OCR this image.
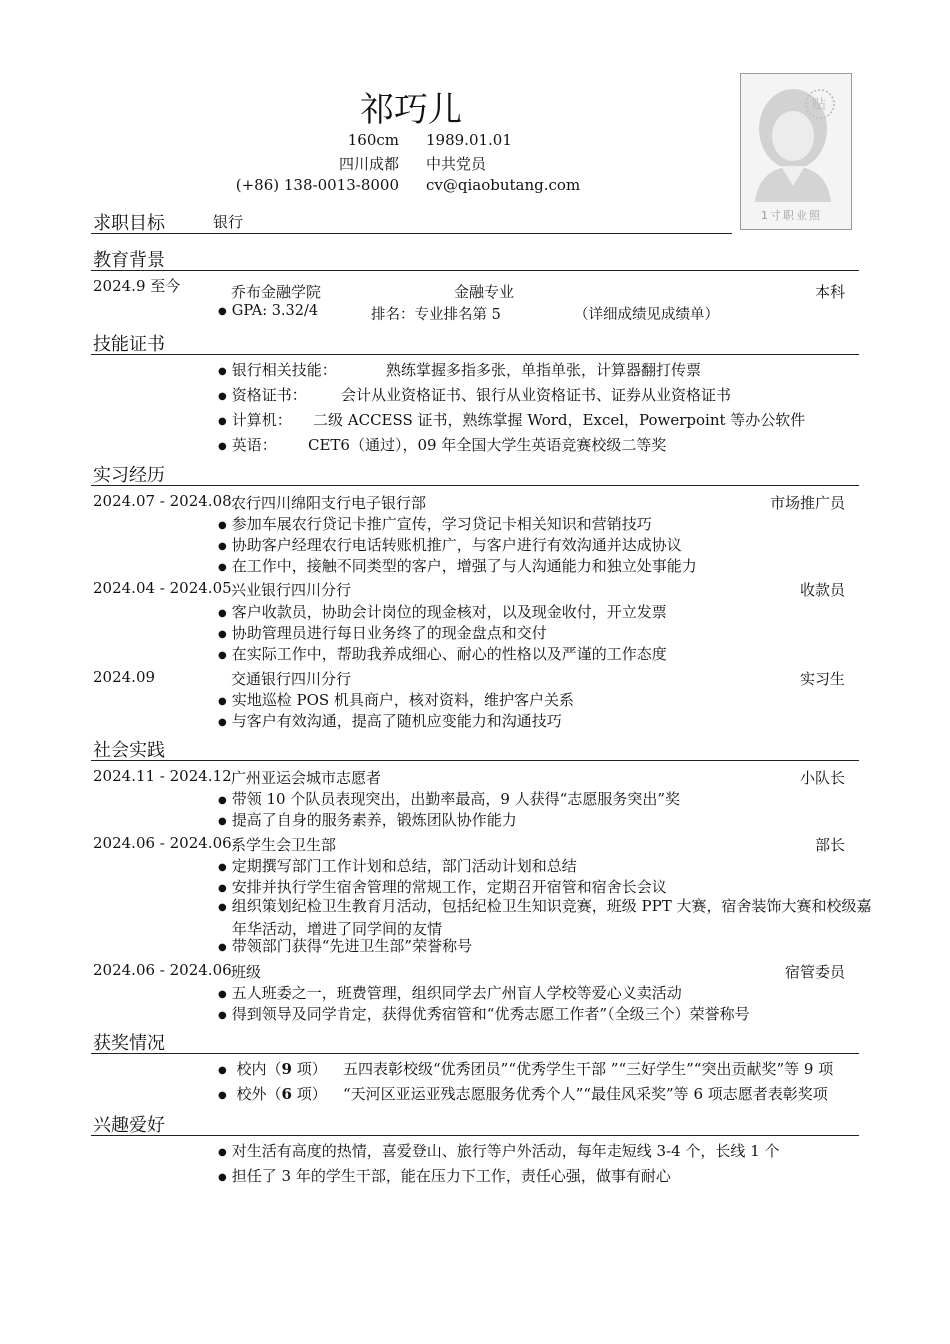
祁巧儿
160cm 1989.01.01
四川成都 中共党员
(+86) 138-0013-8000 cv@qiaobutang.com
贴
1寸职业照
求职目标	银行
教育背景
2024.9 至今	乔布金融学院	金融专业	本科
● GPA: 3.32/4	排名：专业排名第 5	（详细成绩见成绩单）
技能证书
● 银行相关技能：	熟练掌握多指多张，单指单张，计算器翻打传票
● 资格证书： 会计从业资格证书、银行从业资格证书、证券从业资格证书
● 计算机： 二级 ACCESS 证书，熟练掌握 Word，Excel，Powerpoint 等办公软件
● 英语： CET6（通过），09 年全国大学生英语竞赛校级二等奖
实习经历
2024.07 - 2024.08 农行四川绵阳支行电子银行部	市场推广员
● 参加车展农行贷记卡推广宣传，学习贷记卡相关知识和营销技巧
● 协助客户经理农行电话转账机推广，与客户进行有效沟通并达成协议
● 在工作中，接触不同类型的客户，增强了与人沟通能力和独立处事能力
2024.04 - 2024.05 兴业银行四川分行	收款员
● 客户收款员，协助会计岗位的现金核对，以及现金收付，开立发票
● 协助管理员进行每日业务终了的现金盘点和交付
● 在实际工作中，帮助我养成细心、耐心的性格以及严谨的工作态度
2024.09	交通银行四川分行	实习生
● 实地巡检 POS 机具商户，核对资料，维护客户关系
● 与客户有效沟通，提高了随机应变能力和沟通技巧
社会实践
2024.11 - 2024.12 广州亚运会城市志愿者	小队长
● 带领 10 个队员表现突出，出勤率最高，9 人获得“志愿服务突出”奖
● 提高了自身的服务素养，锻炼团队协作能力
2024.06 - 2024.06 系学生会卫生部	部长
● 定期撰写部门工作计划和总结，部门活动计划和总结
● 安排并执行学生宿舍管理的常规工作，定期召开宿管和宿舍长会议
● 组织策划纪检卫生教育月活动，包括纪检卫生知识竞赛，班级 PPT 大赛，宿舍装饰大赛和校级嘉年华活动，增进了同学间的友情
● 带领部门获得“先进卫生部”荣誉称号
2024.06 - 2024.06 班级	宿管委员
● 五人班委之一，班费管理，组织同学去广州盲人学校等爱心义卖活动
● 得到领导及同学肯定，获得优秀宿管和“优秀志愿工作者”（全级三个）荣誉称号
获奖情况
● 校内（9 项） 五四表彰校级“优秀团员”“优秀学生干部 ”“三好学生”“突出贡献奖”等 9 项
● 校外（6 项） “天河区亚运亚残志愿服务优秀个人”“最佳风采奖”等 6 项志愿者表彰奖项
兴趣爱好
● 对生活有高度的热情，喜爱登山、旅行等户外活动，每年走短线 3-4 个，长线 1 个
● 担任了 3 年的学生干部，能在压力下工作，责任心强，做事有耐心
